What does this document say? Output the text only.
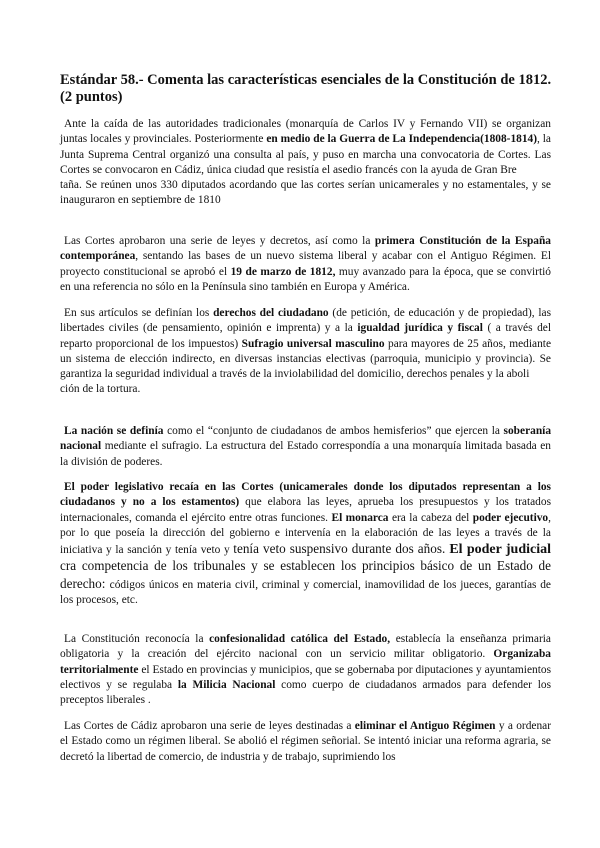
Estándar 58.- Comenta las características esenciales de la Constitución de 1812. (2 puntos)

Ante la caída de las autoridades tradicionales (monarquía de Carlos IV y Fernando VII) se organizan juntas locales y provinciales. Posteriormente en medio de la Guerra de La Independencia(1808-1814), la Junta Suprema Central organizó una consulta al país, y puso en marcha una convocatoria de Cortes. Las Cortes se convocaron en Cádiz, única ciudad que resistía el asedio francés con la ayuda de Gran Bre
taña. Se reúnen unos 330 diputados acordando que las cortes serían unicamerales y no estamentales, y se inauguraron en septiembre de 1810

Las Cortes aprobaron una serie de leyes y decretos, así como la primera Constitución de la España contemporánea, sentando las bases de un nuevo sistema liberal y acabar con el Antiguo Régimen. El proyecto constitucional se aprobó el 19 de marzo de 1812, muy avanzado para la época, que se convirtió en una referencia no sólo en la Península sino también en Europa y América.

En sus artículos se definían los derechos del ciudadano (de petición, de educación y de propiedad), las libertades civiles (de pensamiento, opinión e imprenta) y a la igualdad jurídica y fiscal ( a través del reparto proporcional de los impuestos) Sufragio universal masculino para mayores de 25 años, mediante un sistema de elección indirecto, en diversas instancias electivas (parroquia, municipio y provincia). Se garantiza la seguridad individual a través de la inviolabilidad del domicilio, derechos penales y la aboli
ción de la tortura.

La nación se definía como el “conjunto de ciudadanos de ambos hemisferios” que ejercen la soberanía nacional mediante el sufragio. La estructura del Estado correspondía a una monarquía limitada basada en la división de poderes.

El poder legislativo recaía en las Cortes (unicamerales donde los diputados representan a los ciudadanos y no a los estamentos) que elabora las leyes, aprueba los presupuestos y los tratados internacionales, comanda el ejército entre otras funciones. El monarca era la cabeza del poder ejecutivo, por lo que poseía la dirección del gobierno e intervenía en la elaboración de las leyes a través de la iniciativa y la sanción y tenía veto y tenía veto suspensivo durante dos años. El poder judicial cra competencia de los tribunales y se establecen los principios básico de un Estado de derecho: códigos únicos en materia civil, criminal y comercial, inamovilidad de los jueces, garantías de los procesos, etc.

La Constitución reconocía la confesionalidad católica del Estado, establecía la enseñanza primaria obligatoria y la creación del ejército nacional con un servicio militar obligatorio. Organizaba territorialmente el Estado en provincias y municipios, que se gobernaba por diputaciones y ayuntamientos electivos y se regulaba la Milicia Nacional como cuerpo de ciudadanos armados para defender los preceptos liberales .

Las Cortes de Cádiz aprobaron una serie de leyes destinadas a eliminar el Antiguo Régimen y a ordenar el Estado como un régimen liberal. Se abolió el régimen señorial. Se intentó iniciar una reforma agraria, se decretó la libertad de comercio, de industria y de trabajo, suprimiendo los
